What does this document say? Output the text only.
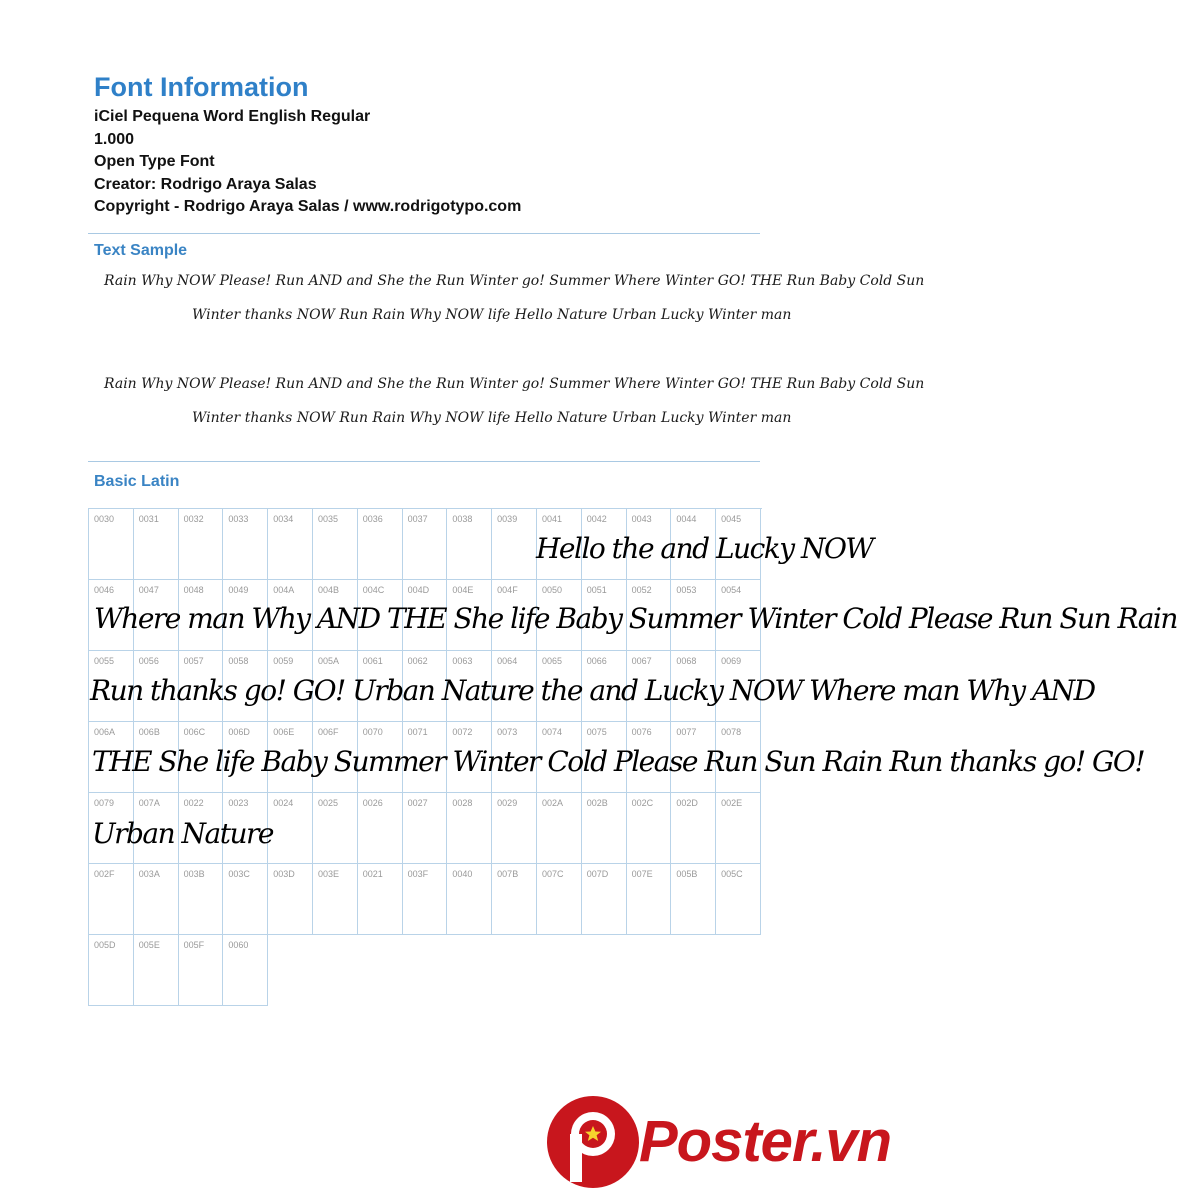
Font Information
iCiel Pequena Word English Regular
1.000
Open Type Font
Creator: Rodrigo Araya Salas
Copyright - Rodrigo Araya Salas / www.rodrigotypo.com
Text Sample
Rain Why NOW Please! Run AND and She the Run Winter go! Summer Where Winter GO! THE Run Baby Cold Sun
Winter thanks NOW Run Rain Why NOW life Hello Nature Urban Lucky Winter man
Rain Why NOW Please! Run AND and She the Run Winter go! Summer Where Winter GO! THE Run Baby Cold Sun
Winter thanks NOW Run Rain Why NOW life Hello Nature Urban Lucky Winter man
Basic Latin
0030	0031	0032	0033	0034	0035	0036	0037	0038	0039	0041	0042	0043	0044	0045
0046	0047	0048	0049	004A	004B	004C	004D	004E	004F	0050	0051	0052	0053	0054
0055	0056	0057	0058	0059	005A	0061	0062	0063	0064	0065	0066	0067	0068	0069
006A	006B	006C	006D	006E	006F	0070	0071	0072	0073	0074	0075	0076	0077	0078
0079	007A	0022	0023	0024	0025	0026	0027	0028	0029	002A	002B	002C	002D	002E
002F	003A	003B	003C	003D	003E	0021	003F	0040	007B	007C	007D	007E	005B	005C
005D	005E	005F	0060
Hello the and Lucky NOW
Where man Why AND THE She life Baby Summer Winter Cold Please Run Sun Rain
Run thanks go! GO! Urban Nature the and Lucky NOW Where man Why AND
THE She life Baby Summer Winter Cold Please Run Sun Rain Run thanks go! GO!
Urban Nature
Poster.vn
